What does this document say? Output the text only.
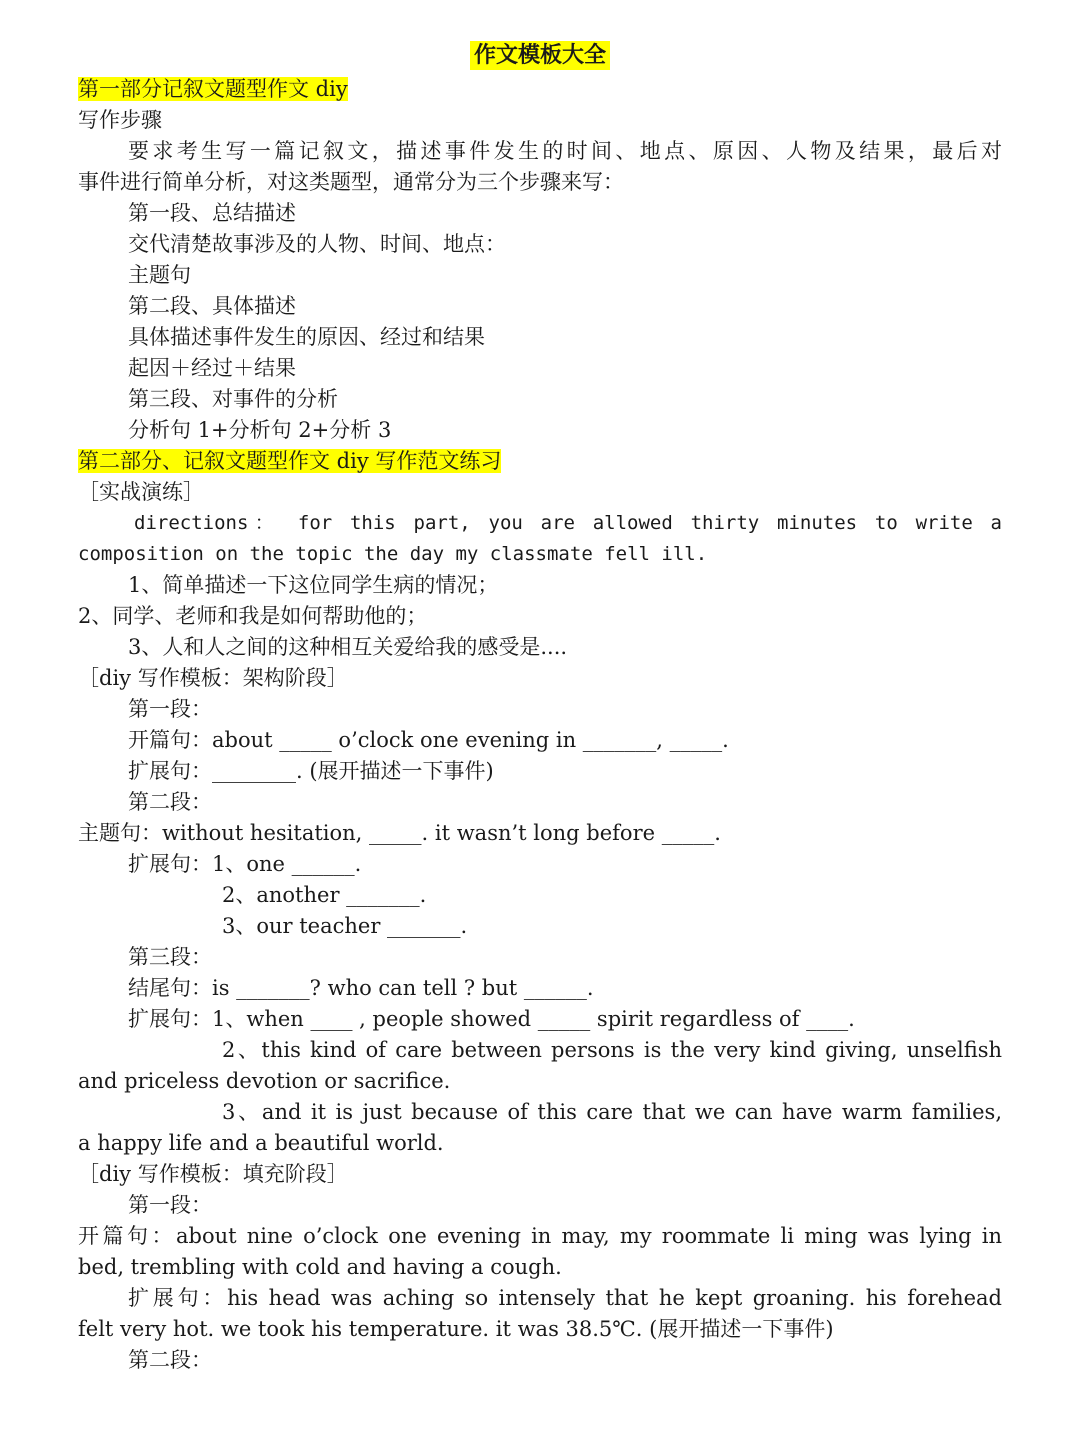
作文模板大全
第一部分记叙文题型作文 diy
写作步骤
要求考生写一篇记叙文，描述事件发生的时间、地点、原因、人物及结果，最后对
事件进行简单分析，对这类题型，通常分为三个步骤来写：
第一段、总结描述
交代清楚故事涉及的人物、时间、地点：
主题句
第二段、具体描述
具体描述事件发生的原因、经过和结果
起因＋经过＋结果
第三段、对事件的分析
分析句 1+分析句 2+分析 3
第二部分、记叙文题型作文 diy 写作范文练习
［实战演练］
directions： for this part, you are allowed thirty minutes to write a
composition on the topic the day my classmate fell ill.
1、简单描述一下这位同学生病的情况；
2、同学、老师和我是如何帮助他的；
3、人和人之间的这种相互关爱给我的感受是....
［diy 写作模板：架构阶段］
第一段：
开篇句：about _____ o’clock one evening in _______, _____.
扩展句：________. (展开描述一下事件)
第二段：
主题句：without hesitation, _____. it wasn’t long before _____.
扩展句：1、one ______.
2、another _______.
3、our teacher _______.
第三段：
结尾句：is _______? who can tell ? but ______.
扩展句：1、when ____ , people showed _____ spirit regardless of ____.
2、this kind of care between persons is the very kind giving, unselfish
and priceless devotion or sacrifice.
3、and it is just because of this care that we can have warm families,
a happy life and a beautiful world.
［diy 写作模板：填充阶段］
第一段：
开篇句：about nine o’clock one evening in may, my roommate li ming was lying in
bed, trembling with cold and having a cough.
扩展句：his head was aching so intensely that he kept groaning. his forehead
felt very hot. we took his temperature. it was 38.5℃. (展开描述一下事件)
第二段：
